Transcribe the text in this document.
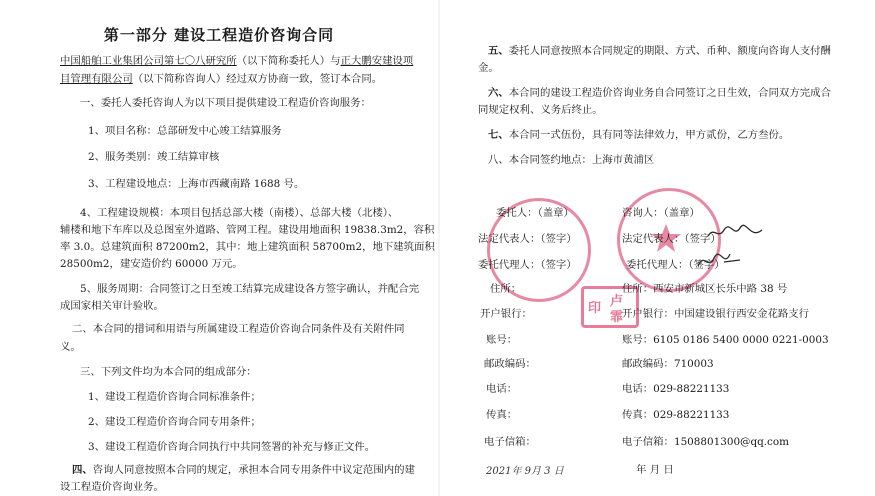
第一部分 建设工程造价咨询合同
中国船舶工业集团公司第七〇八研究所（以下简称委托人）与正大鹏安建设项
目管理有限公司（以下简称咨询人）经过双方协商一致，签订本合同。
一、委托人委托咨询人为以下项目提供建设工程造价咨询服务：
1、项目名称：总部研发中心竣工结算服务
2、服务类别：竣工结算审核
3、工程建设地点：上海市西藏南路 1688 号。
4、工程建设规模：本项目包括总部大楼（南楼）、总部大楼（北楼）、
辅楼和地下车库以及总图室外道路、管网工程。建设用地面积 19838.3m2，容积
率 3.0。总建筑面积 87200m2，其中：地上建筑面积 58700m2，地下建筑面积
28500m2，建安造价约 60000 万元。
5、服务周期：合同签订之日至竣工结算完成建设各方签字确认，并配合完
成国家相关审计验收。
二、本合同的措词和用语与所属建设工程造价咨询合同条件及有关附件同
义。
三、下列文件均为本合同的组成部分：
1、建设工程造价咨询合同标准条件；
2、建设工程造价咨询合同专用条件；
3、建设工程造价咨询合同执行中共同签署的补充与修正文件。
四、咨询人同意按照本合同的规定，承担本合同专用条件中议定范围内的建
设工程造价咨询业务。
五、委托人同意按照本合同规定的期限、方式、币种、额度向咨询人支付酬
金。
六、本合同的建设工程造价咨询业务自合同签订之日生效，合同双方完成合
同规定权利、义务后终止。
七、本合同一式伍份，具有同等法律效力，甲方贰份，乙方叁份。
八、本合同签约地点：上海市黄浦区
卢
霏
印
委托人：（盖章）
法定代表人：（签字）
委托代理人：（签字）
住所：
开户银行：
账号：
邮政编码：
电话：
传真：
电子信箱：
2021年 9月 3 日
咨询人：（盖章）
法定代表人：（签字）
委托代理人：（签字）
住所：西安市新城区长乐中路 38 号
开户银行：中国建设银行西安金花路支行
账号：6105 0186 5400 0000 0221-0003
邮政编码：710003
电话：029-88221133
传真：029-88221133
电子信箱：1508801300@qq.com
年 月 日
